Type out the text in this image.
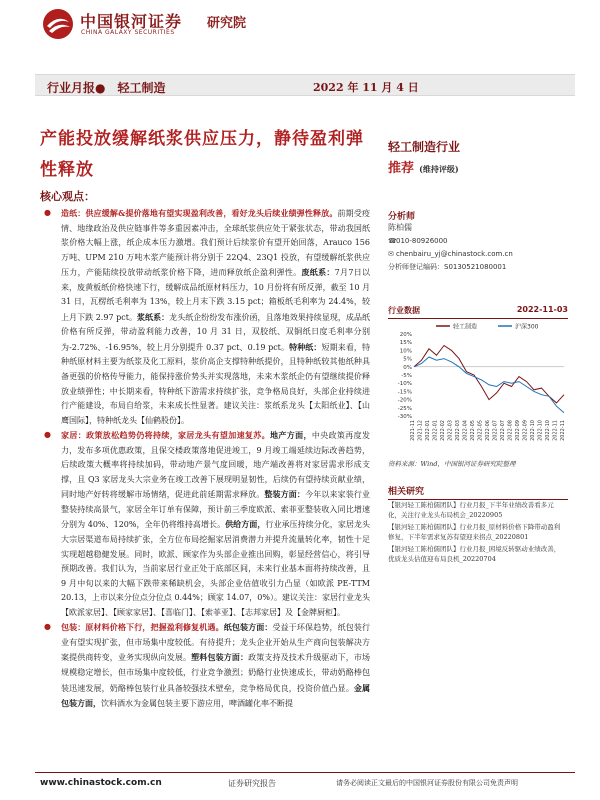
中国银河证券
CHINA GALAXY SECURITIES
研究院
行业月报●　轻工制造	2022 年 11 月 4 日
产能投放缓解纸浆供应压力，静待盈利弹性释放
核心观点：
● 造纸：供应缓解&提价落地有望实现盈利改善，看好龙头后续业绩弹性释放。前期受疫情、地缘政治及供应链事件等多重因素冲击，全球纸浆供应处于紧张状态，带动我国纸浆价格大幅上涨，纸企成本压力激增。我们预计后续浆价有望开始回落，Arauco 156 万吨、UPM 210 万吨木浆产能预计将分别于 22Q4、23Q1 投放，有望缓解纸浆供应压力，产能陆续投放带动纸浆价格下降，进而释放纸企盈利弹性。废纸系：7月7日以来，废黄板纸价格快速下行，缓解成品纸原材料压力，10 月份将有所反弹，截至 10 月 31 日，瓦楞纸毛利率为 13%，较上月末下跌 3.15 pct；箱板纸毛利率为 24.4%，较上月下跌 2.97 pct。浆纸系：龙头纸企纷纷发布涨价函，且落地效果持续显现，成品纸价格有所反弹，带动盈利能力改善，10 月 31 日，双胶纸、双铜纸日度毛利率分别为-2.72%、-16.95%，较上月分别提升 0.37 pct、0.19 pct。特种纸：短期来看，特种纸原材料主要为纸浆及化工原料，浆价高企支撑特种纸提价，且特种纸较其他纸种具备更强的价格传导能力，能保持涨价势头并实现落地，未来木浆纸企仍有望继续提价释放业绩弹性；中长期来看，特种纸下游需求持续扩张，竞争格局良好，头部企业持续进行产能建设，布局自给浆，未来成长性显著。建议关注：浆纸系龙头【太阳纸业】、【山鹰国际】，特种纸龙头【仙鹤股份】。
● 家居：政策放松趋势仍将持续，家居龙头有望加速复苏。地产方面，中央政策再度发力，发布多项优惠政策，且保交楼政策落地促进竣工，9 月竣工端延续边际改善趋势，后续政策大概率将持续加码，带动地产景气度回暖，地产端改善将对家居需求形成支撑，且 Q3 家居龙头大宗业务在竣工改善下展现明显韧性，后续仍有望持续贡献业绩，同时地产好转将缓解市场情绪，促进此前延期需求释放。整装方面：今年以来家装行业整装持续高景气，家居全年订单有保障，预计前三季度欧派、索菲亚整装收入同比增速分别为 40%、120%，全年仍将维持高增长。供给方面，行业承压持续分化，家居龙头大宗居渠道布局持续扩张，全方位布局挖掘家居消费潜力并提升流量转化率，韧性十足实现超越稳健发展。同时，欧派、顾家作为头部企业推出回购，彰显经营信心，将引导预期改善。我们认为，当前家居行业正处于底部区间，未来行业基本面将持续改善，且 9 月中旬以来的大幅下跌带来稀缺机会，头部企业估值收引力凸显（如欧派 PE-TTM 20.13，上市以来分位点分位点 0.44%；顾家 14.07，0%）。建议关注：家居行业龙头【欧派家居】、【顾家家居】、【喜临门】、【索菲亚】、【志邦家居】及【金牌厨柜】。
● 包装：原材料价格下行，把握盈利修复机遇。纸包装方面：受益于环保趋势，纸包装行业有望实现扩张，但市场集中度较低。有待提升；龙头企业开始从生产商向包装解决方案提供商转变，业务实现纵向发展。塑料包装方面：政策支持及技术升级驱动下，市场规模稳定增长，但市场集中度较低，行业竞争激烈；奶酪行业快速成长，带动奶酪棒包装迅速发展，奶酪棒包装行业具备较强技术壁垒，竞争格局优良，投资价值凸显。金属包装方面，饮料酒水为金属包装主要下游应用，啤酒罐化率不断提
轻工制造行业
推荐 (维持评级)
分析师
陈柏儒
☎010-80926000
✉ chenbairu_yj@chinastock.com.cn
分析师登记编码：S0130521080001
行业数据	2022-11-03
轻工制造	沪深300
20%
15%
10%
5%
0%
-5%
-10%
-15%
-20%
-25%
-30%
2021-11 2021-12 2022-01 2022-01 2022-02 2022-03 2022-03 2022-04 2022-05 2022-05 2022-06 2022-07 2022-07 2022-08 2022-09 2022-09 2022-10 2022-10 2022-10 2022-11 2022-11
资料来源：Wind，中国银河证券研究院整理
相关研究
【银河轻工陈柏儒团队】行业月报_下半年业绩改善看多元化，关注行业龙头布局机会_20220905
【银河轻工陈柏儒团队】行业月报_原材料价格下降带动盈利修复，下半年需求复苏有望迎来拐点_20220801
【银河轻工陈柏儒团队】行业月报_困境反转驱动业绩改善，优质龙头估值迎布局良机_20220704
www.chinastock.com.cn	证券研究报告	请务必阅读正文最后的中国银河证券股份有限公司免责声明
